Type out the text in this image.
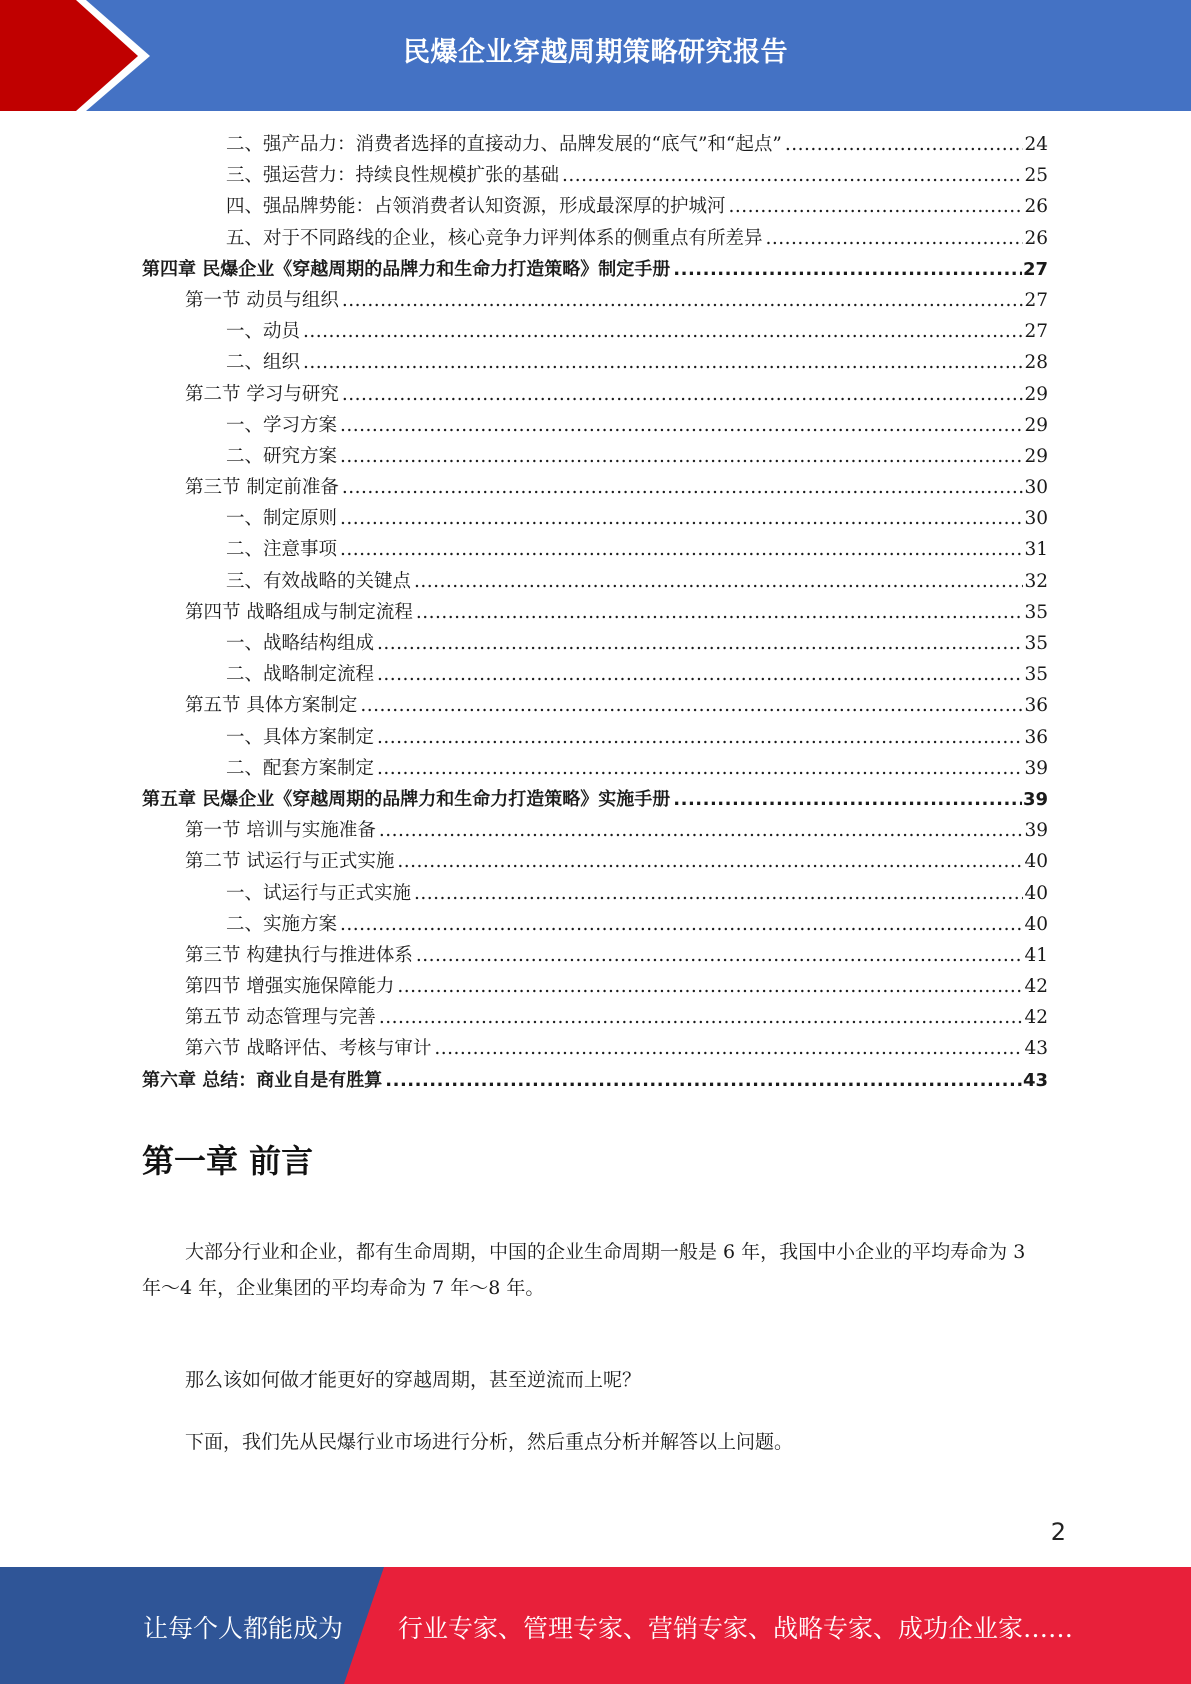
民爆企业穿越周期策略研究报告
二、强产品力：消费者选择的直接动力、品牌发展的“底气”和“起点” .....	24
三、强运营力：持续良性规模扩张的基础 .....	25
四、强品牌势能：占领消费者认知资源，形成最深厚的护城河 .....	26
五、对于不同路线的企业，核心竞争力评判体系的侧重点有所差异 .....	26
第四章 民爆企业《穿越周期的品牌力和生命力打造策略》制定手册 .....	27
第一节 动员与组织 .....	27
一、动员 .....	27
二、组织 .....	28
第二节 学习与研究 .....	29
一、学习方案 .....	29
二、研究方案 .....	29
第三节 制定前准备 .....	30
一、制定原则 .....	30
二、注意事项 .....	31
三、有效战略的关键点 .....	32
第四节 战略组成与制定流程 .....	35
一、战略结构组成 .....	35
二、战略制定流程 .....	35
第五节 具体方案制定 .....	36
一、具体方案制定 .....	36
二、配套方案制定 .....	39
第五章 民爆企业《穿越周期的品牌力和生命力打造策略》实施手册 .....	39
第一节 培训与实施准备 .....	39
第二节 试运行与正式实施 .....	40
一、试运行与正式实施 .....	40
二、实施方案 .....	40
第三节 构建执行与推进体系 .....	41
第四节 增强实施保障能力 .....	42
第五节 动态管理与完善 .....	42
第六节 战略评估、考核与审计 .....	43
第六章 总结：商业自是有胜算 .....	43
第一章 前言
大部分行业和企业，都有生命周期，中国的企业生命周期一般是 6 年，我国中小企业的平均寿命为 3 年～4 年，企业集团的平均寿命为 7 年～8 年。
那么该如何做才能更好的穿越周期，甚至逆流而上呢？
下面，我们先从民爆行业市场进行分析，然后重点分析并解答以上问题。
2
让每个人都能成为 行业专家、管理专家、营销专家、战略专家、成功企业家……
